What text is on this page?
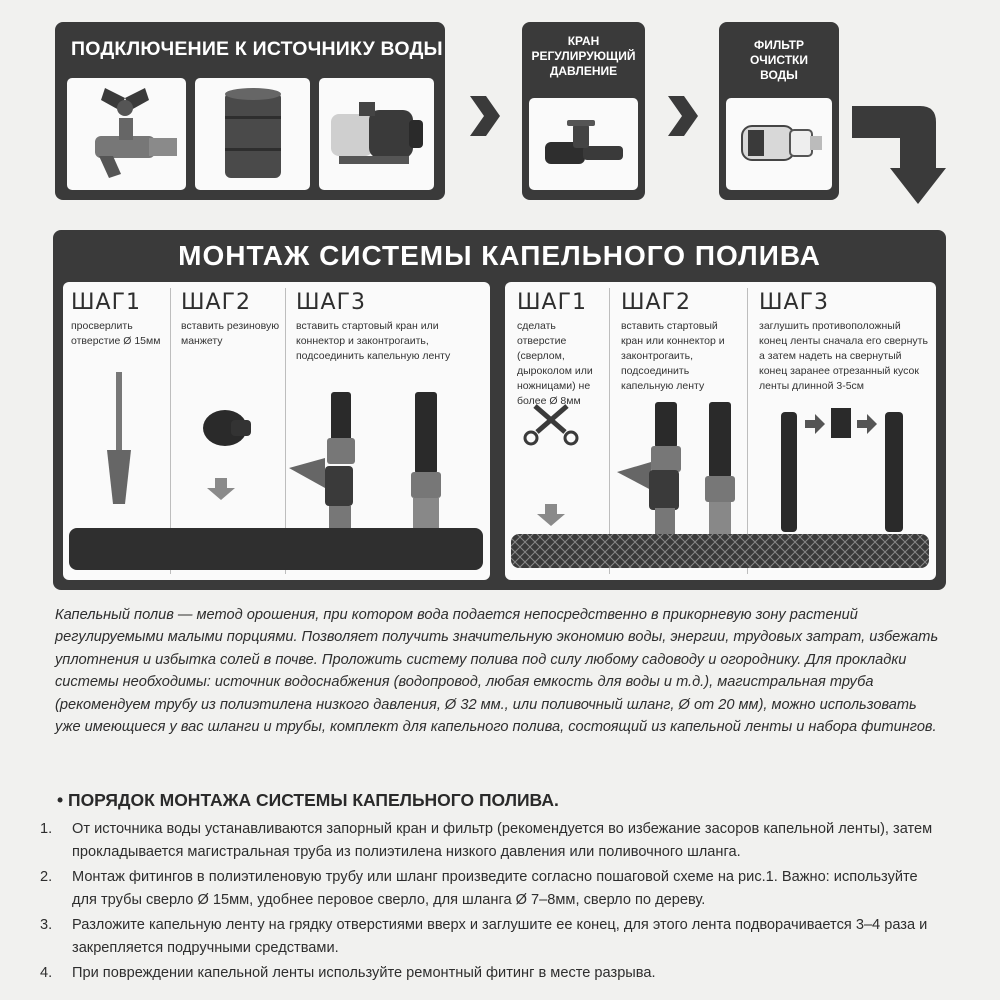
ПОДКЛЮЧЕНИЕ К ИСТОЧНИКУ ВОДЫ	КРАН
РЕГУЛИРУЮЩИЙ
ДАВЛЕНИЕ
ФИЛЬТР
ОЧИСТКИ
ВОДЫ
МОНТАЖ СИСТЕМЫ КАПЕЛЬНОГО ПОЛИВА
ШАГ1
просверлить отверстие Ø 15мм
ШАГ2
вставить резиновую манжету
ШАГ3
вставить стартовый кран или коннектор и законтрогаить, подсоединить капельную ленту
ШАГ1
сделать отверстие (сверлом, дыроколом или ножницами) не более Ø 8мм
ШАГ2
вставить стартовый кран или коннектор и законтрогаить, подсоединить капельную ленту
ШАГ3
заглушить противоположный конец ленты сначала его свернуть а затем надеть на свернутый конец заранее отрезанный кусок ленты длинной 3-5см
Капельный полив — метод орошения, при котором вода подается непосредственно в прикорневую зону растений регулируемыми малыми порциями. Позволяет получить значительную экономию воды, энергии, трудовых затрат, избежать уплотнения и избытка солей в почве. Проложить систему полива под силу любому садоводу и огороднику. Для прокладки системы необходимы: источник водоснабжения (водопровод, любая емкость для воды и т.д.), магистральная труба (рекомендуем трубу из полиэтилена низкого давления, Ø 32 мм., или поливочный шланг, Ø от 20 мм), можно использовать уже имеющиеся у вас шланги и трубы, комплект для капельного полива, состоящий из капельной ленты и набора фитингов.
• ПОРЯДОК МОНТАЖА СИСТЕМЫ КАПЕЛЬНОГО ПОЛИВА.
1. От источника воды устанавливаются запорный кран и фильтр (рекомендуется во избежание засоров капельной ленты), затем прокладывается магистральная труба из полиэтилена низкого давления или поливочного шланга.
2. Монтаж фитингов в полиэтиленовую трубу или шланг произведите согласно пошаговой схеме на рис.1. Важно: используйте для трубы сверло Ø 15мм, удобнее перовое сверло, для шланга Ø 7–8мм, сверло по дереву.
3. Разложите капельную ленту на грядку отверстиями вверх и заглушите ее конец, для этого лента подворачивается 3–4 раза и закрепляется подручными средствами.
4. При повреждении капельной ленты используйте ремонтный фитинг в месте разрыва.
